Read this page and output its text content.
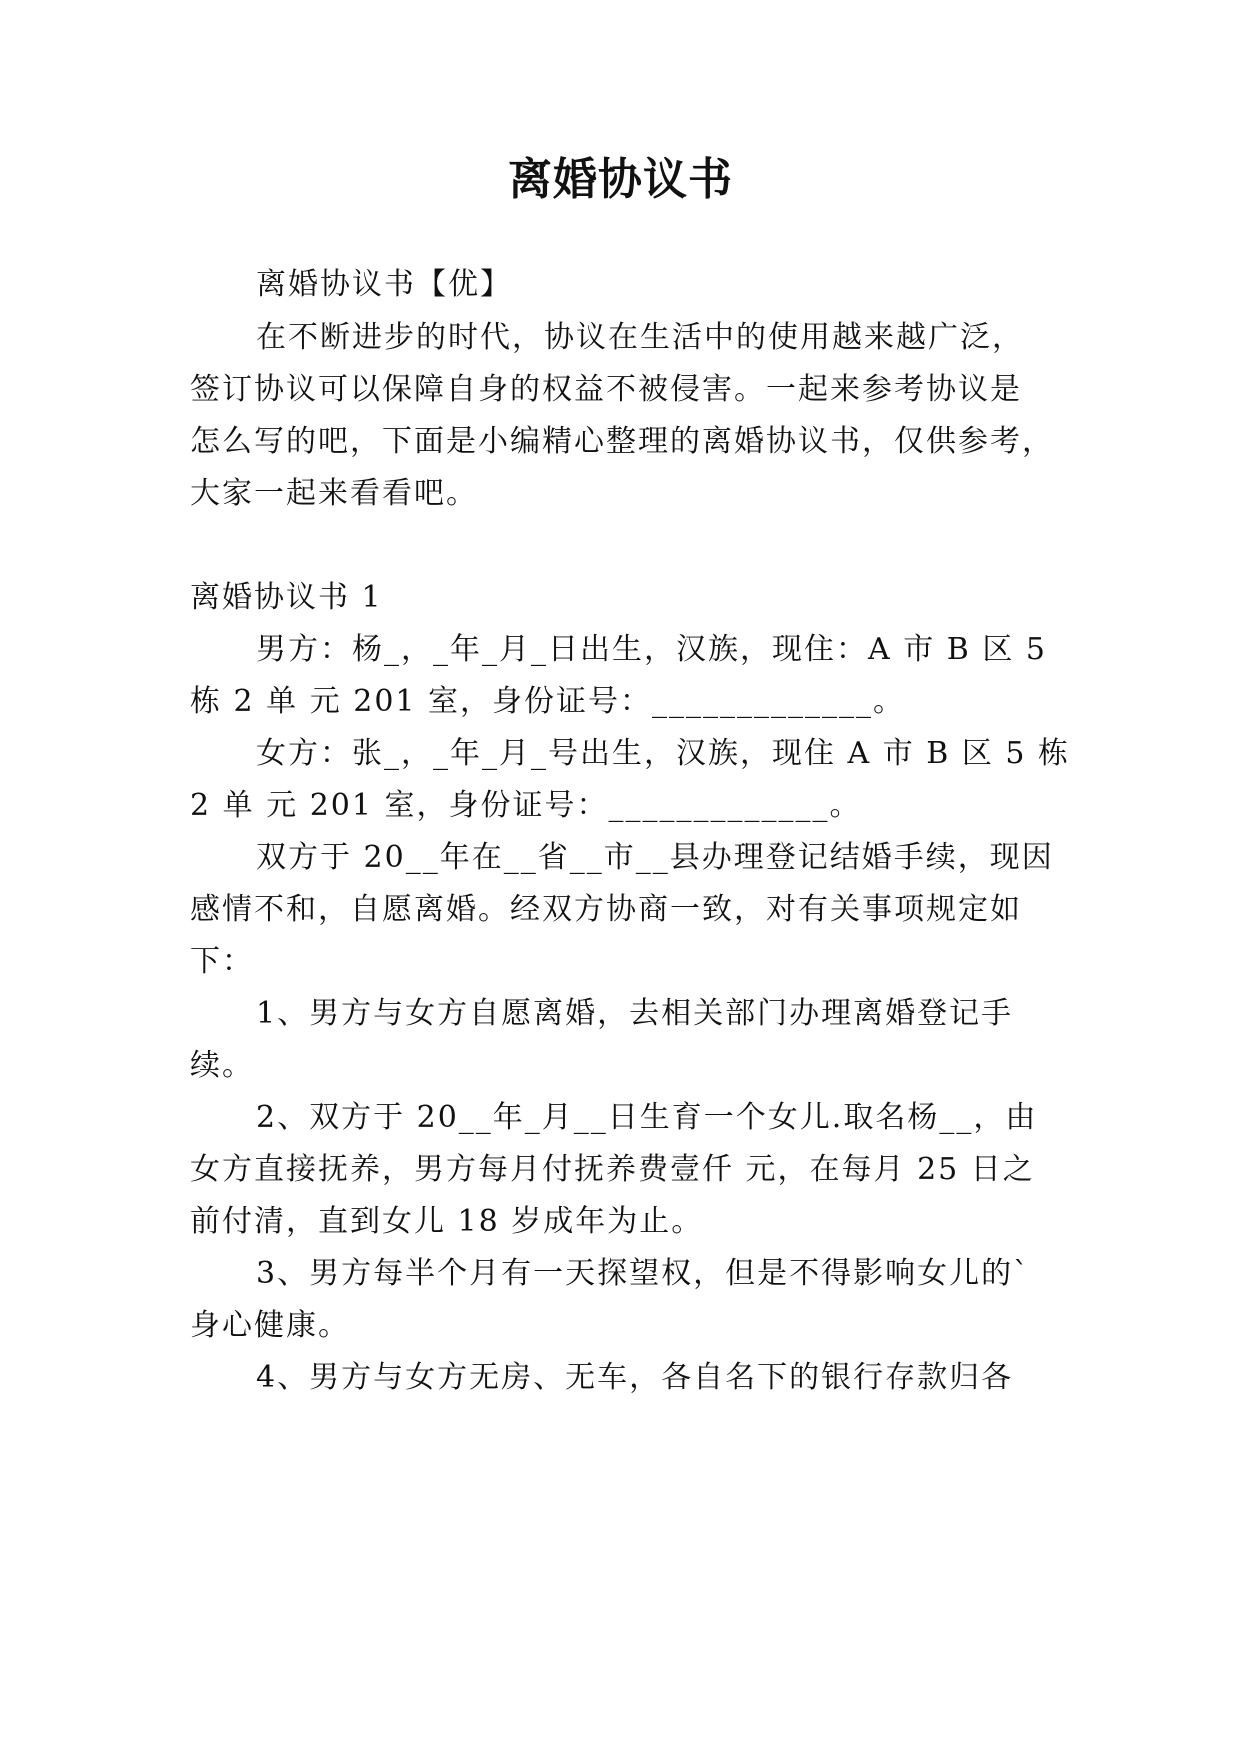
离婚协议书
离婚协议书【优】
在不断进步的时代，协议在生活中的使用越来越广泛，
签订协议可以保障自身的权益不被侵害。一起来参考协议是
怎么写的吧，下面是小编精心整理的离婚协议书，仅供参考，
大家一起来看看吧。
离婚协议书 1
男方：杨_，_年_月_日出生，汉族，现住：A 市 B 区 5
栋 2 单 元 201 室，身份证号：_____________。
女方：张_，_年_月_号出生，汉族，现住 A 市 B 区 5 栋
2 单 元 201 室，身份证号：_____________。
双方于 20__年在__省__市__县办理登记结婚手续，现因
感情不和，自愿离婚。经双方协商一致，对有关事项规定如
下：
1、男方与女方自愿离婚，去相关部门办理离婚登记手
续。
2、双方于 20__年_月__日生育一个女儿.取名杨__，由
女方直接抚养，男方每月付抚养费壹仟 元，在每月 25 日之
前付清，直到女儿 18 岁成年为止。
3、男方每半个月有一天探望权，但是不得影响女儿的`
身心健康。
4、男方与女方无房、无车，各自名下的银行存款归各
